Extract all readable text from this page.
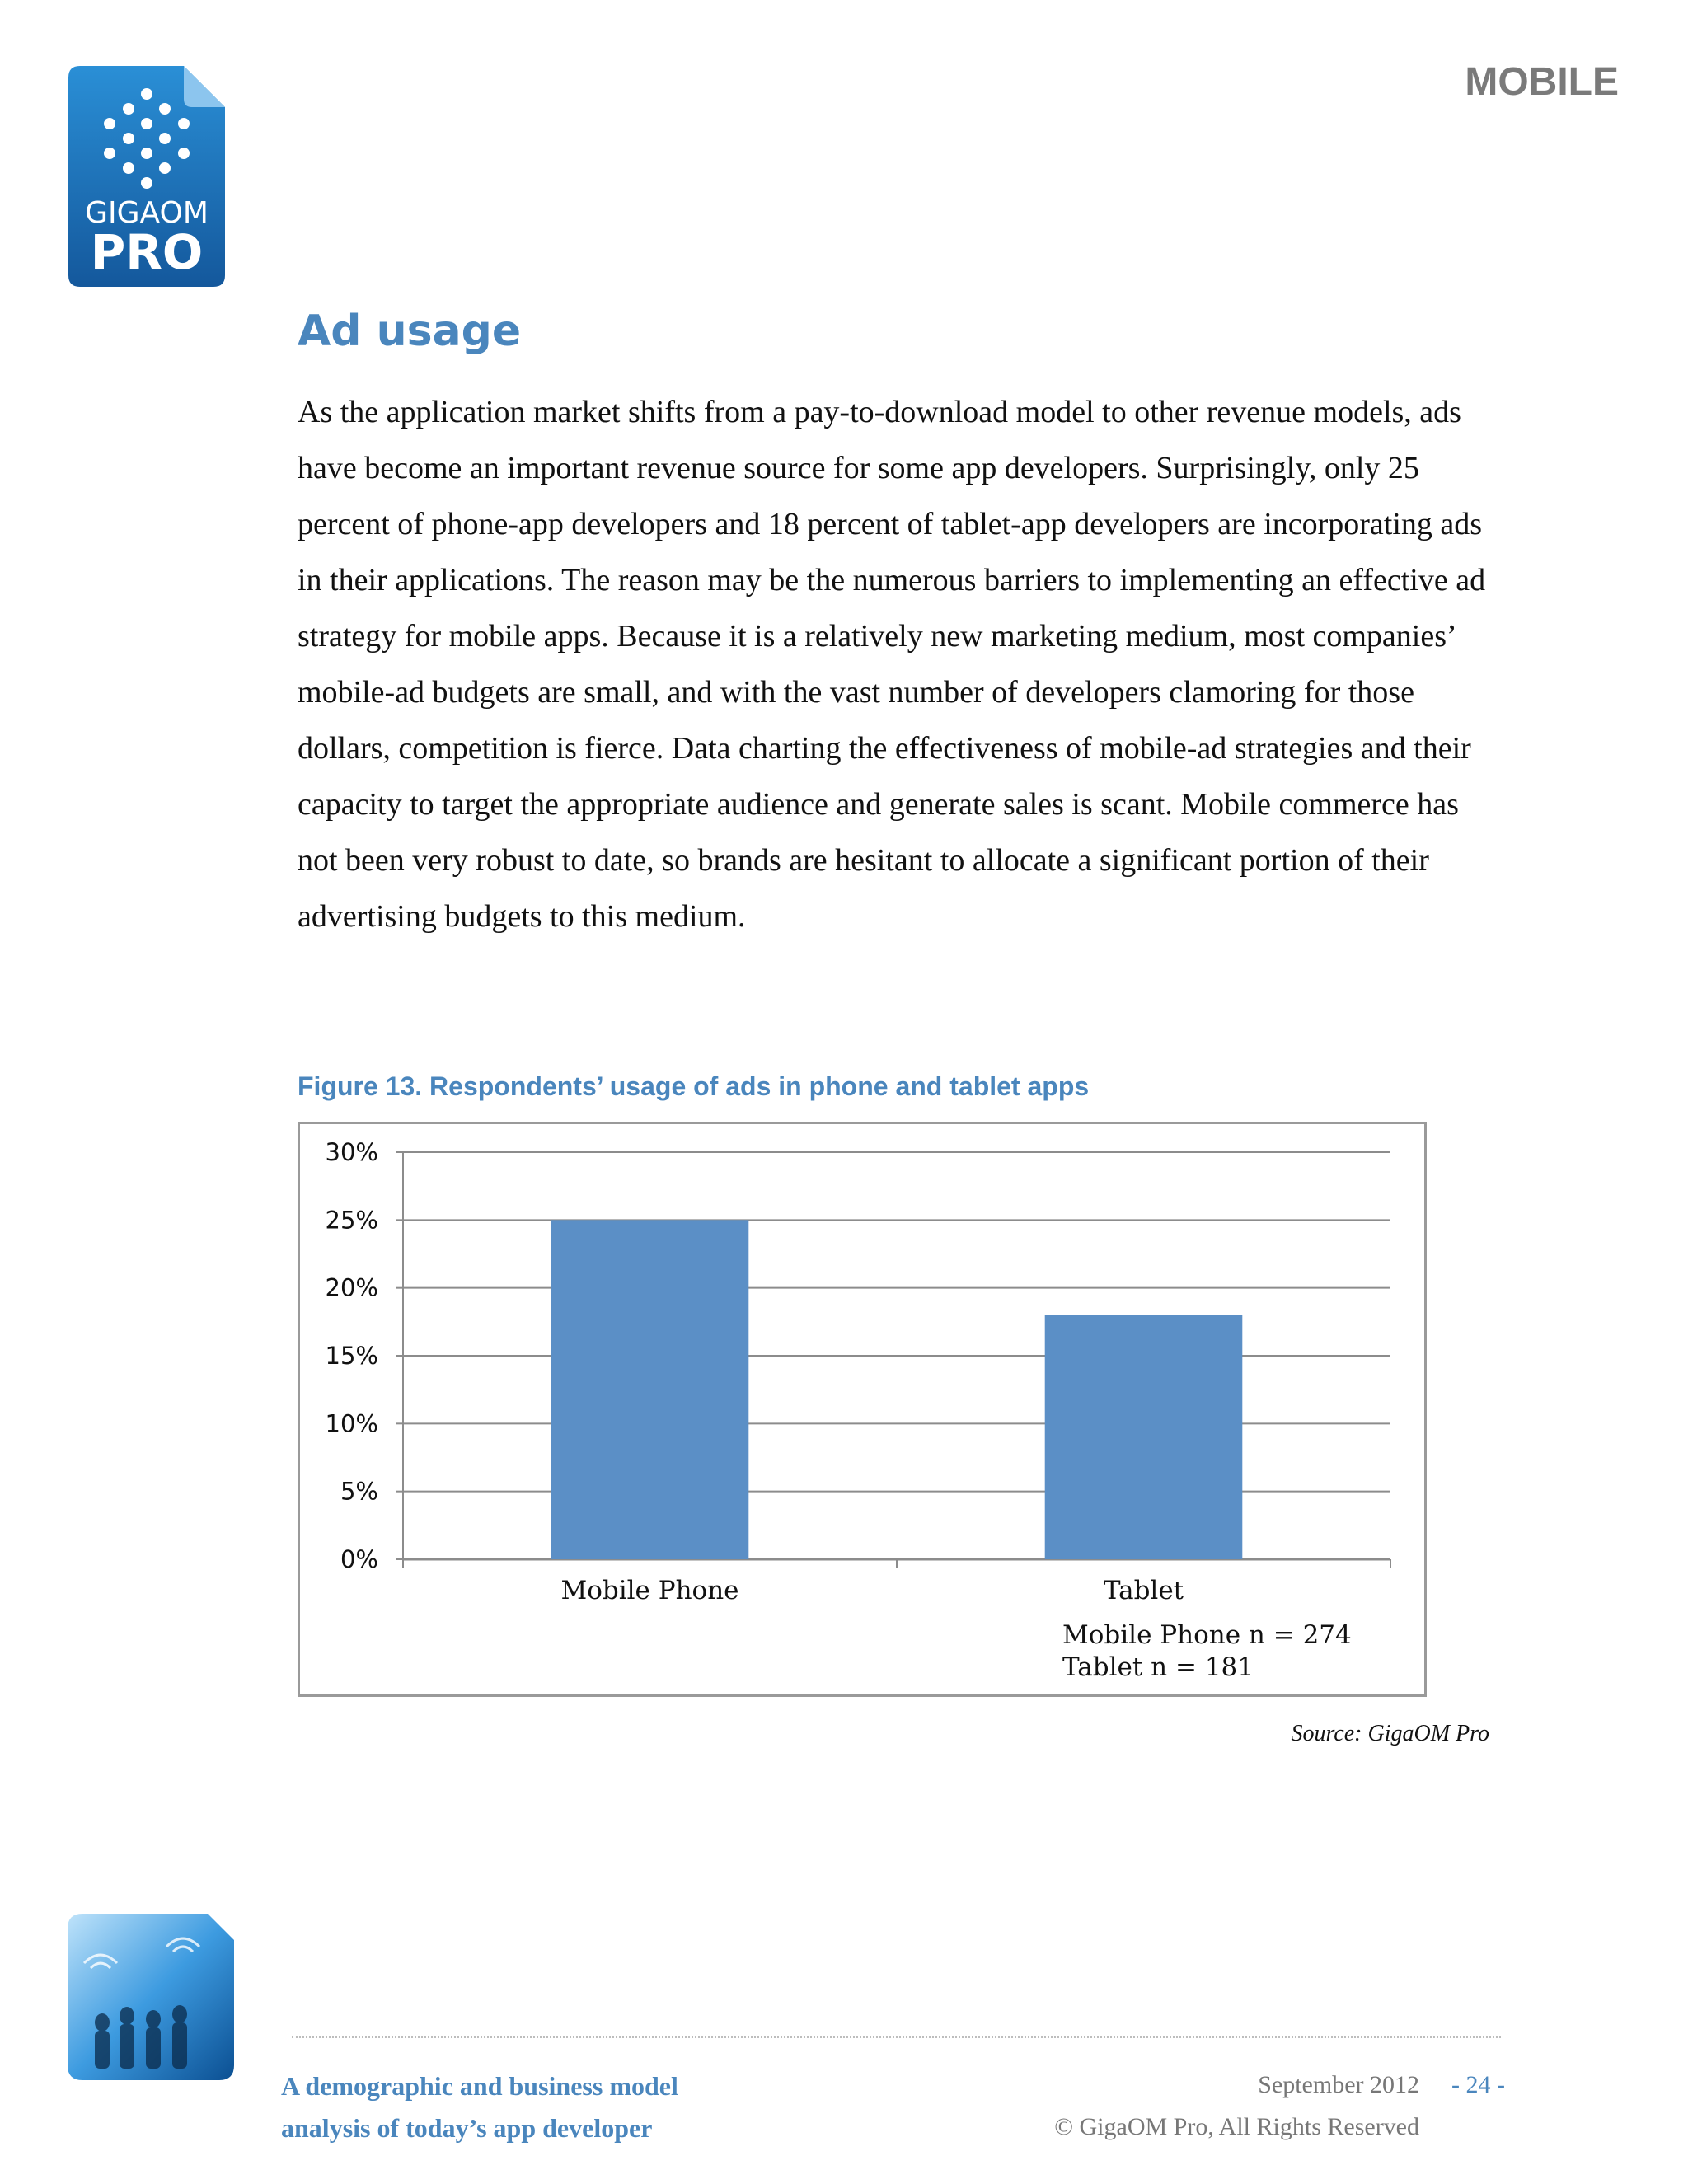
GIGAOM
PRO
MOBILE
Ad usage

As the application market shifts from a pay-to-download model to other revenue models, ads have become an important revenue source for some app developers. Surprisingly, only 25 percent of phone-app developers and 18 percent of tablet-app developers are incorporating ads in their applications. The reason may be the numerous barriers to implementing an effective ad strategy for mobile apps. Because it is a relatively new marketing medium, most companies’ mobile-ad budgets are small, and with the vast number of developers clamoring for those dollars, competition is fierce. Data charting the effectiveness of mobile-ad strategies and their capacity to target the appropriate audience and generate sales is scant. Mobile commerce has not been very robust to date, so brands are hesitant to allocate a significant portion of their advertising budgets to this medium.

Figure 13. Respondents’ usage of ads in phone and tablet apps
0%
5%
10%
15%
20%
25%
30%
Mobile Phone	Tablet
Mobile Phone n = 274
Tablet n = 181
Source: GigaOM Pro
A demographic and business model
analysis of today’s app developer
September 2012 - 24 -
© GigaOM Pro, All Rights Reserved
